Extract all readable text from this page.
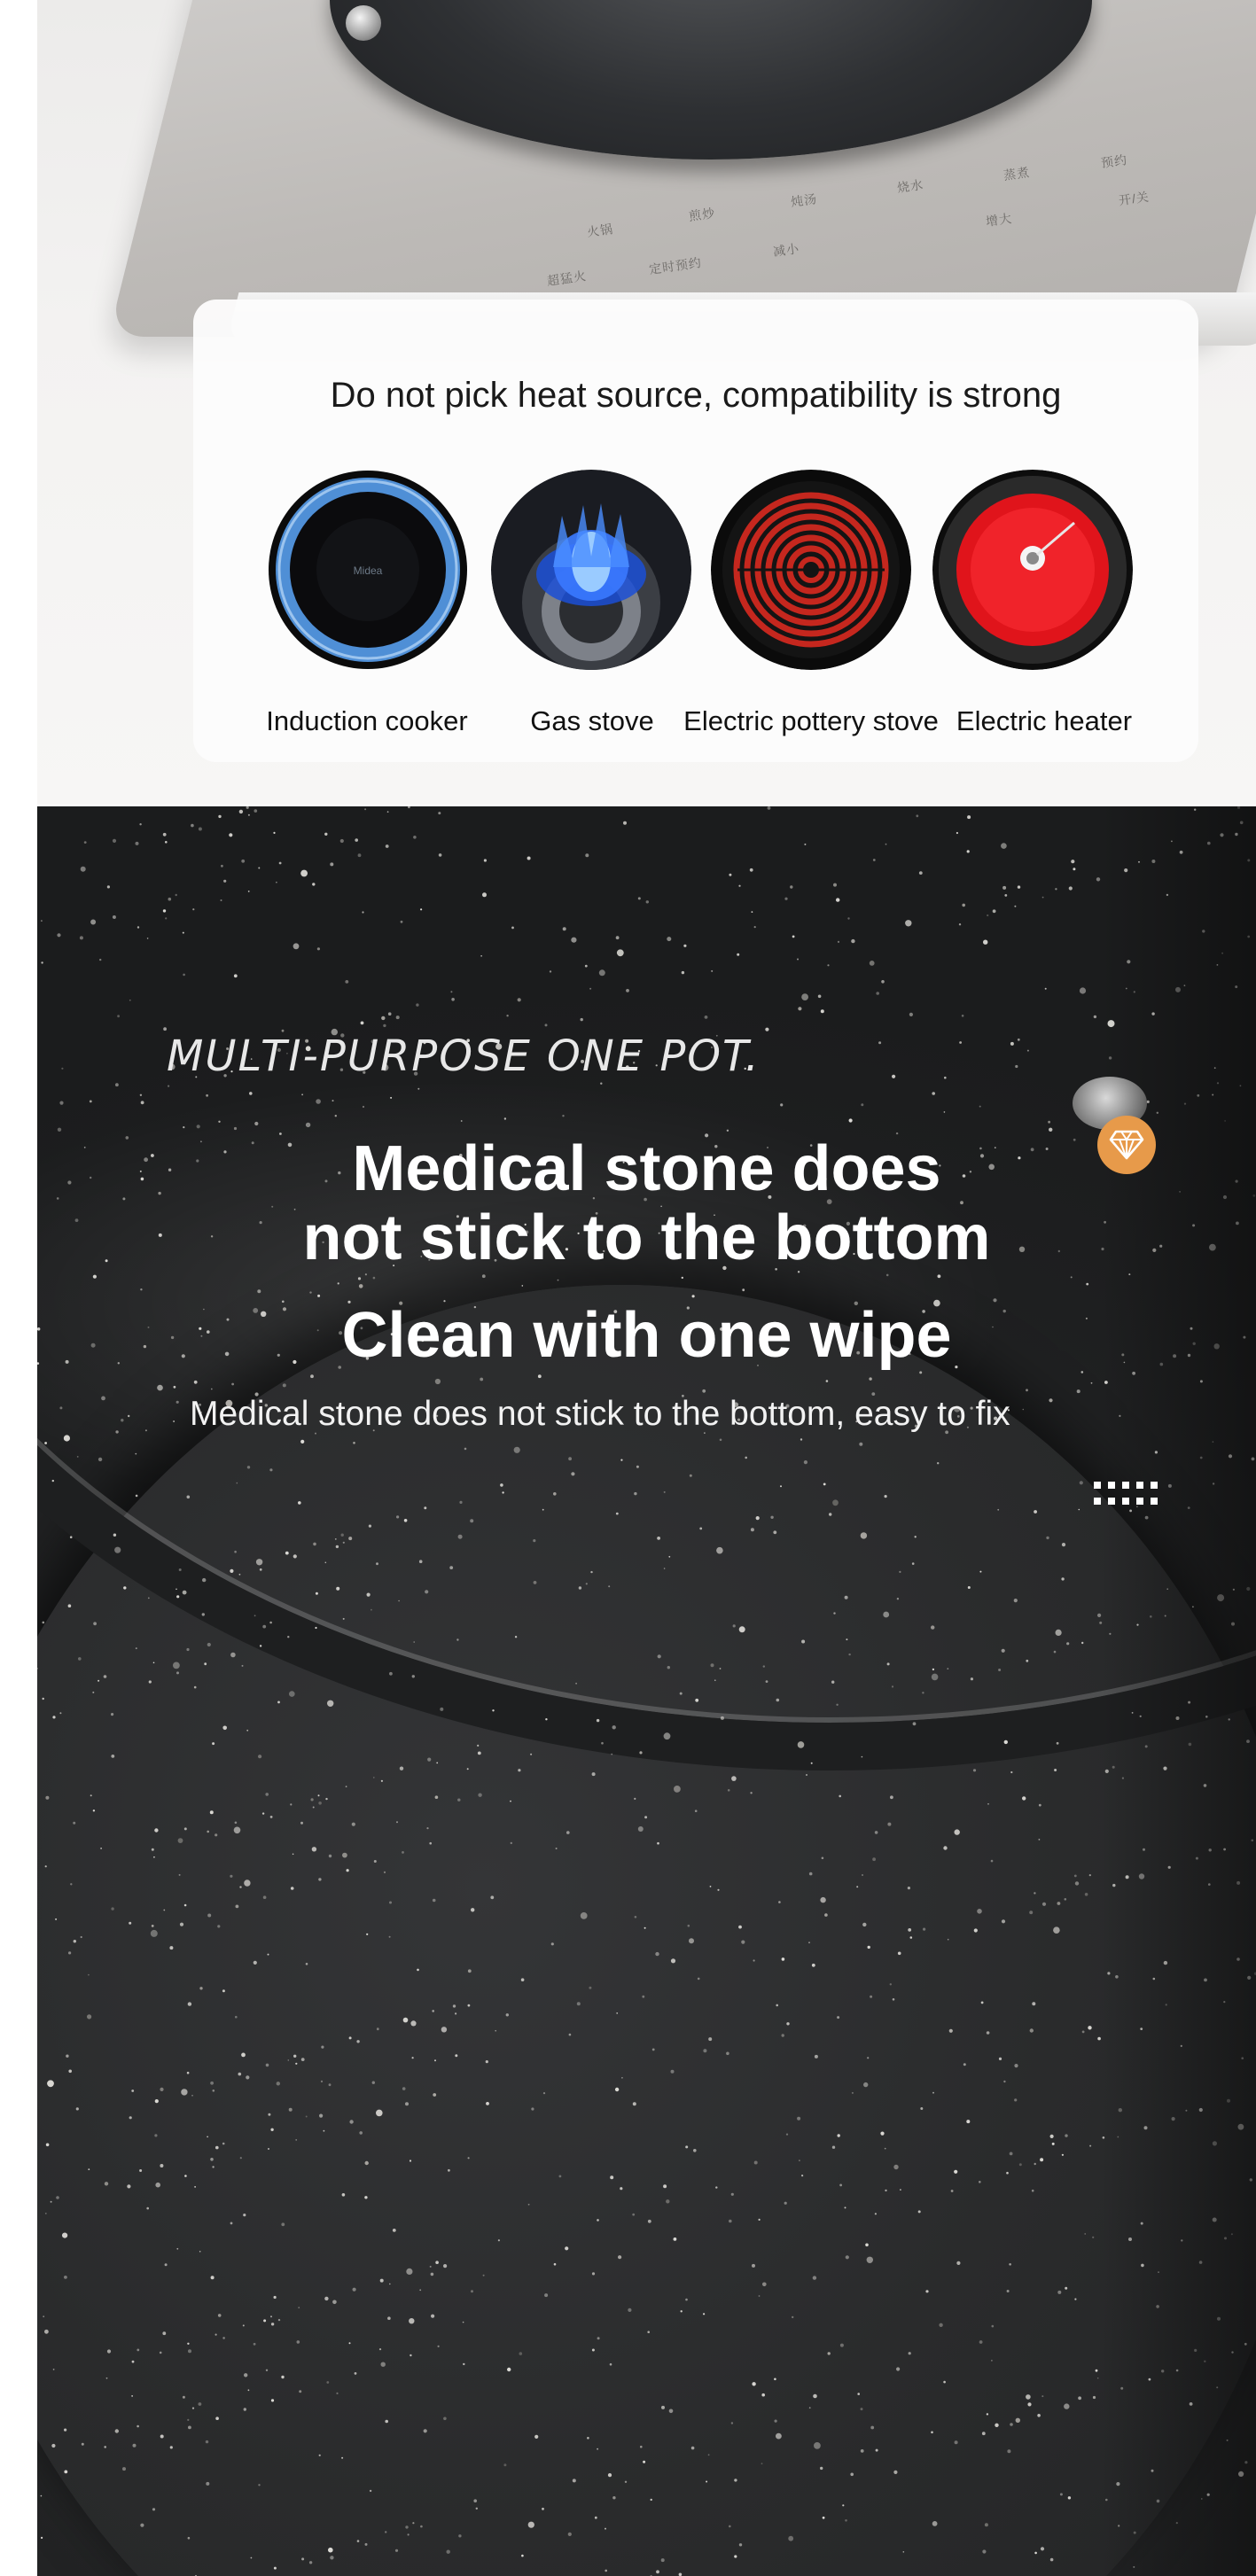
火锅
煎炒
炖汤
烧水
蒸煮
预约
增大
减小
超猛火
定时预约
开/关
Do not pick heat source, compatibility is strong
Midea
Induction cooker	Gas stove	Electric pottery stove Electric heater
MULTI-PURPOSE ONE POT.
Medical stone does
not stick to the bottom
Clean with one wipe
Medical stone does not stick to the bottom, easy to fix
